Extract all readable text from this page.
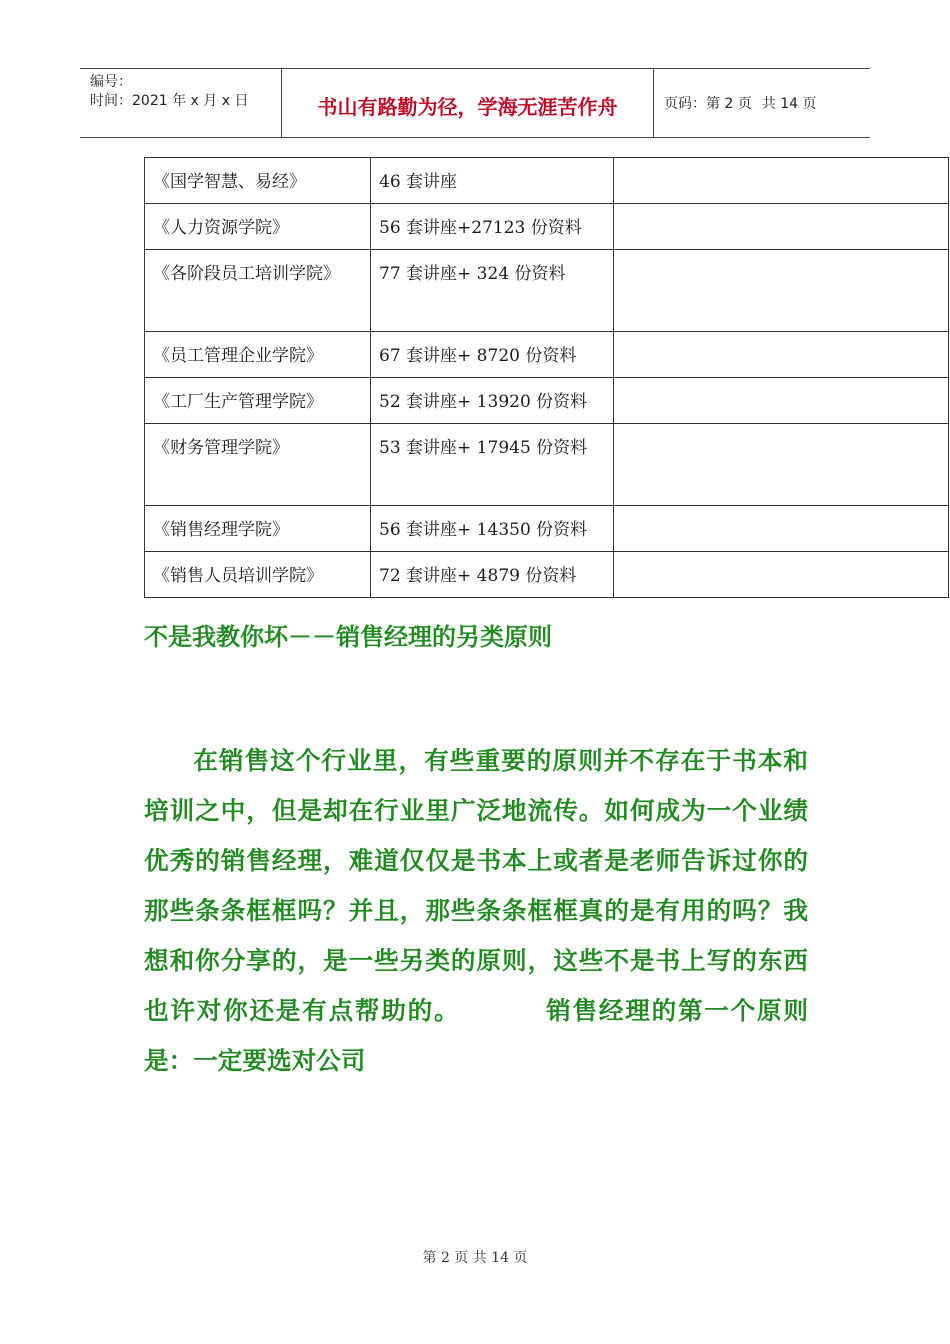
编号：
时间：2021 年 x 月 x 日	书山有路勤为径，学海无涯苦作舟	页码：第 2 页 共 14 页
《国学智慧、易经》	46 套讲座	
《人力资源学院》	56 套讲座+27123 份资料	
《各阶段员工培训学院》	77 套讲座+ 324 份资料	
《员工管理企业学院》	67 套讲座+ 8720 份资料	
《工厂生产管理学院》	52 套讲座+ 13920 份资料	
《财务管理学院》	53 套讲座+ 17945 份资料	
《销售经理学院》	56 套讲座+ 14350 份资料	
《销售人员培训学院》	72 套讲座+ 4879 份资料	
不是我教你坏－－销售经理的另类原则

在销售这个行业里，有些重要的原则并不存在于书本和培训之中，但是却在行业里广泛地流传。如何成为一个业绩优秀的销售经理，难道仅仅是书本上或者是老师告诉过你的那些条条框框吗？并且，那些条条框框真的是有用的吗？我想和你分享的，是一些另类的原则，这些不是书上写的东西也许对你还是有点帮助的。	销售经理的第一个原则是：一定要选对公司

第 2 页 共 14 页
